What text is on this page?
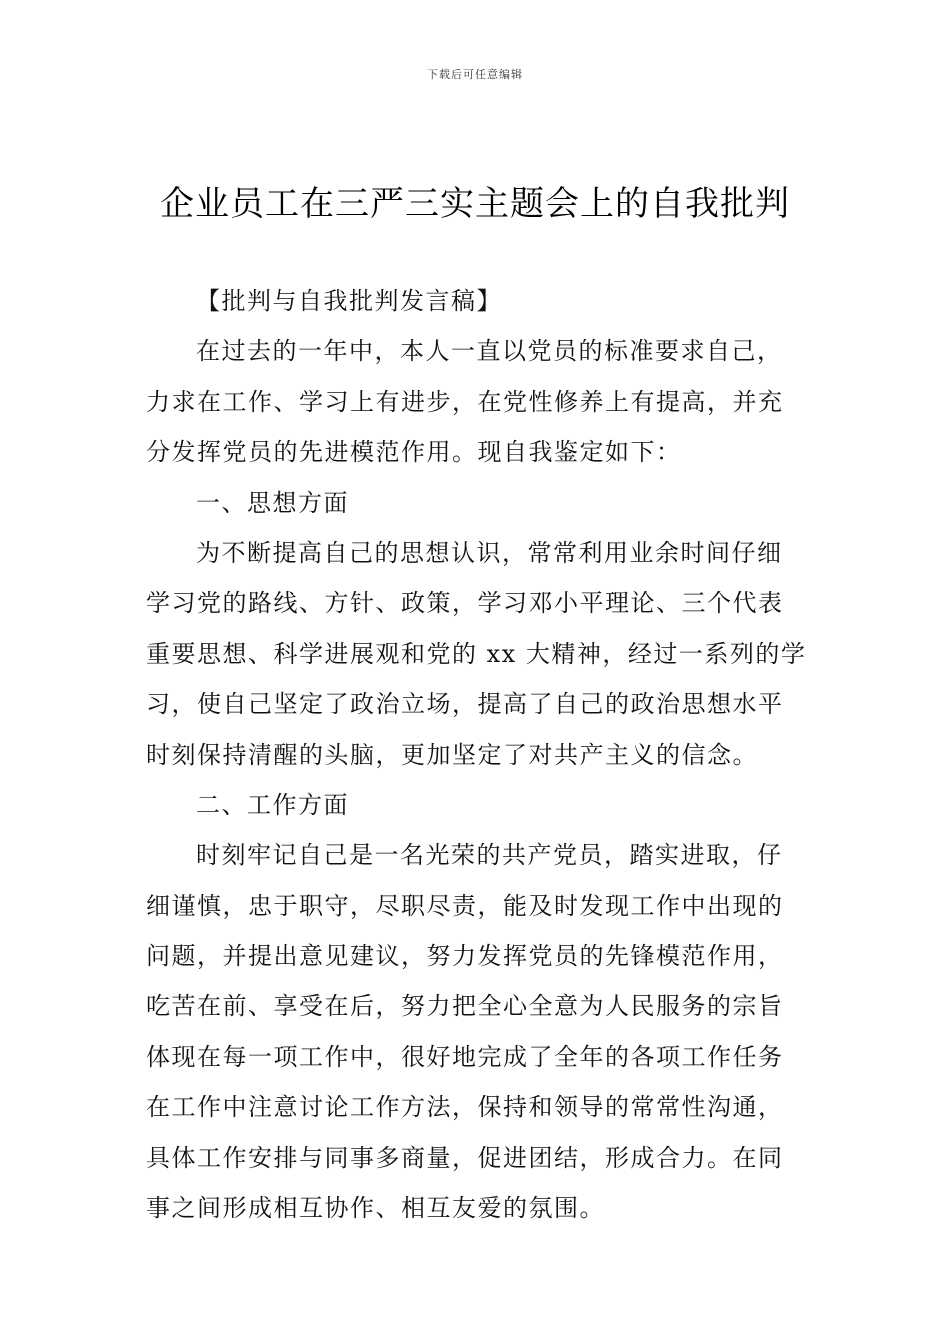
下载后可任意编辑
企业员工在三严三实主题会上的自我批判
【批判与自我批判发言稿】
在过去的一年中，本人一直以党员的标准要求自己，
力求在工作、学习上有进步，在党性修养上有提高，并充
分发挥党员的先进模范作用。现自我鉴定如下：
一、思想方面
为不断提高自己的思想认识，常常利用业余时间仔细
学习党的路线、方针、政策，学习邓小平理论、三个代表
重要思想、科学进展观和党的 xx 大精神，经过一系列的学
习，使自己坚定了政治立场，提高了自己的政治思想水平
时刻保持清醒的头脑，更加坚定了对共产主义的信念。
二、工作方面
时刻牢记自己是一名光荣的共产党员，踏实进取，仔
细谨慎，忠于职守，尽职尽责，能及时发现工作中出现的
问题，并提出意见建议，努力发挥党员的先锋模范作用，
吃苦在前、享受在后，努力把全心全意为人民服务的宗旨
体现在每一项工作中，很好地完成了全年的各项工作任务
在工作中注意讨论工作方法，保持和领导的常常性沟通，
具体工作安排与同事多商量，促进团结，形成合力。在同
事之间形成相互协作、相互友爱的氛围。
